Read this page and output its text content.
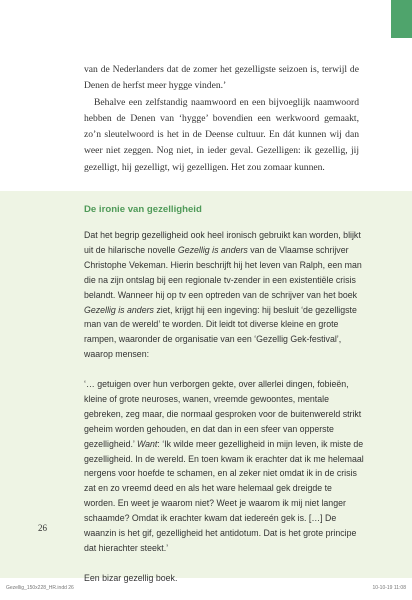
van de Nederlanders dat de zomer het gezelligste seizoen is, terwijl de Denen de herfst meer hygge vinden.’

Behalve een zelfstandig naamwoord en een bijvoeglijk naamwoord hebben de Denen van ‘hygge’ bovendien een werkwoord gemaakt, zo’n sleutelwoord is het in de Deense cultuur. En dát kunnen wij dan weer niet zeggen. Nog niet, in ieder geval. Gezelligen: ik gezellig, jij gezelligt, hij gezelligt, wij gezelligen. Het zou zomaar kunnen.

De ironie van gezelligheid

Dat het begrip gezelligheid ook heel ironisch gebruikt kan worden, blijkt uit de hilarische novelle Gezellig is anders van de Vlaamse schrijver Christophe Vekeman. Hierin beschrijft hij het leven van Ralph, een man die na zijn ontslag bij een regionale tv-zender in een existentiële crisis belandt. Wanneer hij op tv een optreden van de schrijver van het boek Gezellig is anders ziet, krijgt hij een ingeving: hij besluit ‘de gezelligste man van de wereld’ te worden. Dit leidt tot diverse kleine en grote rampen, waaronder de organisatie van een ‘Gezellig Gek-festival’, waarop mensen:

‘… getuigen over hun verborgen gekte, over allerlei dingen, fobieën, kleine of grote neuroses, wanen, vreemde gewoontes, mentale gebreken, zeg maar, die normaal gesproken voor de buitenwereld strikt geheim worden gehouden, en dat dan in een sfeer van opperste gezelligheid.’ Want: ‘Ik wilde meer gezelligheid in mijn leven, ik miste de gezelligheid. In de wereld. En toen kwam ik erachter dat ik me helemaal nergens voor hoefde te schamen, en al zeker niet omdat ik in de crisis zat en zo vreemd deed en als het ware helemaal gek dreigde te worden. En weet je waarom niet? Weet je waarom ik mij niet langer schaamde? Omdat ik erachter kwam dat iedereén gek is. […] De waanzin is het gif, gezelligheid het antidotum. Dat is het grote principe dat hierachter steekt.’

Een bizar gezellig boek.

26
Gezellig_150x228_HR.indd 26	10-10-19 11:08
